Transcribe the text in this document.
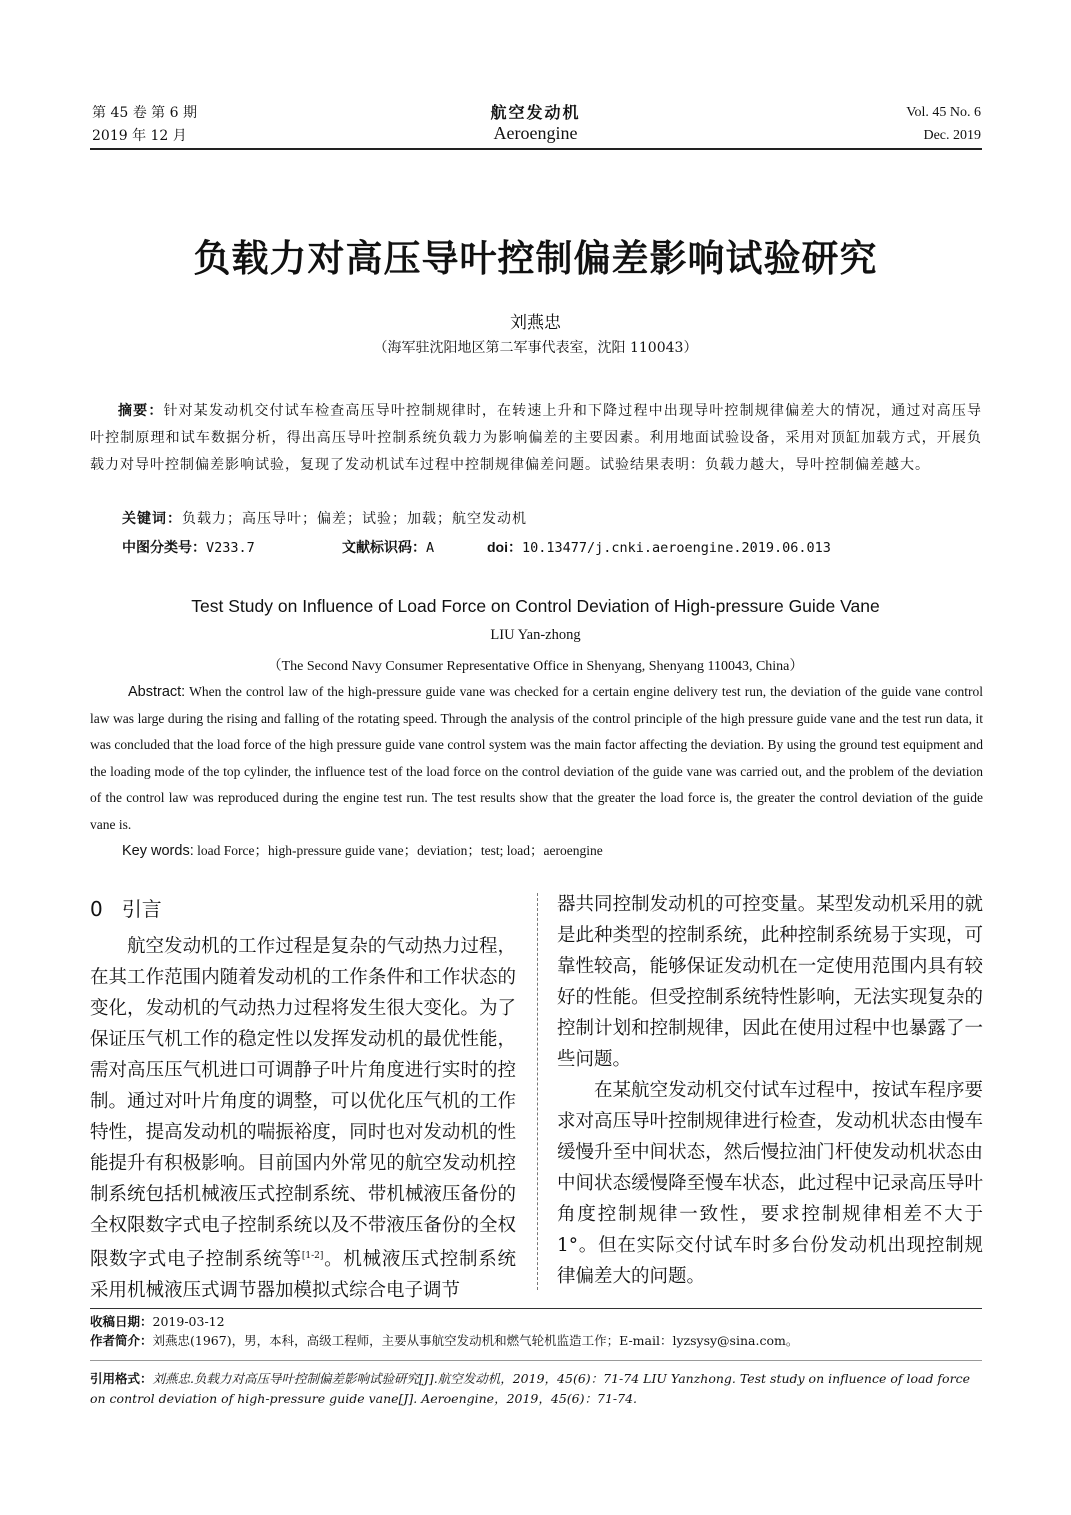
第 45 卷 第 6 期
2019 年 12 月
航空发动机
Aeroengine
Vol. 45 No. 6
Dec. 2019
负载力对高压导叶控制偏差影响试验研究
刘燕忠
（海军驻沈阳地区第二军事代表室，沈阳 110043）
摘要：针对某发动机交付试车检查高压导叶控制规律时，在转速上升和下降过程中出现导叶控制规律偏差大的情况，通过对高压导叶控制原理和试车数据分析，得出高压导叶控制系统负载力为影响偏差的主要因素。利用地面试验设备，采用对顶缸加载方式，开展负载力对导叶控制偏差影响试验，复现了发动机试车过程中控制规律偏差问题。试验结果表明：负载力越大，导叶控制偏差越大。
关键词：负载力；高压导叶；偏差；试验；加载；航空发动机
中图分类号：V233.7	文献标识码：A	doi：10.13477/j.cnki.aeroengine.2019.06.013
Test Study on Influence of Load Force on Control Deviation of High-pressure Guide Vane
LIU Yan-zhong
（The Second Navy Consumer Representative Office in Shenyang, Shenyang 110043, China）
Abstract: When the control law of the high-pressure guide vane was checked for a certain engine delivery test run, the deviation of the guide vane control law was large during the rising and falling of the rotating speed. Through the analysis of the control principle of the high pressure guide vane and the test run data, it was concluded that the load force of the high pressure guide vane control system was the main factor affecting the deviation. By using the ground test equipment and the loading mode of the top cylinder, the influence test of the load force on the control deviation of the guide vane was carried out, and the problem of the deviation of the control law was reproduced during the engine test run. The test results show that the greater the load force is, the greater the control deviation of the guide vane is.
Key words: load Force；high-pressure guide vane；deviation；test; load；aeroengine
0 引言

航空发动机的工作过程是复杂的气动热力过程，在其工作范围内随着发动机的工作条件和工作状态的变化，发动机的气动热力过程将发生很大变化。为了保证压气机工作的稳定性以发挥发动机的最优性能，需对高压压气机进口可调静子叶片角度进行实时的控制。通过对叶片角度的调整，可以优化压气机的工作特性，提高发动机的喘振裕度，同时也对发动机的性能提升有积极影响。目前国内外常见的航空发动机控制系统包括机械液压式控制系统、带机械液压备份的全权限数字式电子控制系统以及不带液压备份的全权限数字式电子控制系统等[1-2]。机械液压式控制系统采用机械液压式调节器加模拟式综合电子调节

器共同控制发动机的可控变量。某型发动机采用的就是此种类型的控制系统，此种控制系统易于实现，可靠性较高，能够保证发动机在一定使用范围内具有较好的性能。但受控制系统特性影响，无法实现复杂的控制计划和控制规律，因此在使用过程中也暴露了一些问题。

在某航空发动机交付试车过程中，按试车程序要求对高压导叶控制规律进行检查，发动机状态由慢车缓慢升至中间状态，然后慢拉油门杆使发动机状态由中间状态缓慢降至慢车状态，此过程中记录高压导叶角度控制规律一致性，要求控制规律相差不大于 1°。但在实际交付试车时多台份发动机出现控制规律偏差大的问题。

收稿日期：2019-03-12
作者简介：刘燕忠(1967)，男，本科，高级工程师，主要从事航空发动机和燃气轮机监造工作；E-mail：lyzsysy@sina.com。
引用格式：刘燕忠.负载力对高压导叶控制偏差影响试验研究[J].航空发动机，2019，45(6)：71-74 LIU Yanzhong. Test study on influence of load force on control deviation of high-pressure guide vane[J]. Aeroengine，2019，45(6)：71-74.
